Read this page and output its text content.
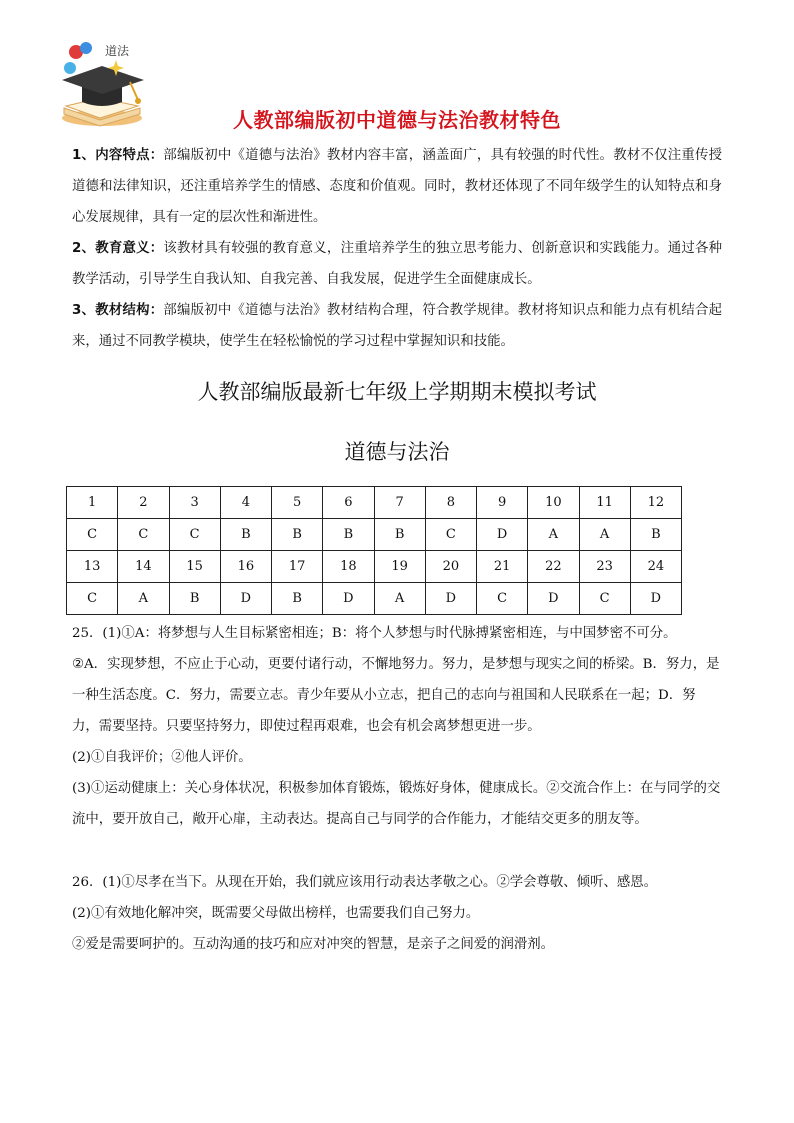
道法
人教部编版初中道德与法治教材特色

1、内容特点：部编版初中《道德与法治》教材内容丰富，涵盖面广，具有较强的时代性。教材不仅注重传授道德和法律知识，还注重培养学生的情感、态度和价值观。同时，教材还体现了不同年级学生的认知特点和身心发展规律，具有一定的层次性和渐进性。

2、教育意义：该教材具有较强的教育意义，注重培养学生的独立思考能力、创新意识和实践能力。通过各种教学活动，引导学生自我认知、自我完善、自我发展，促进学生全面健康成长。

3、教材结构：部编版初中《道德与法治》教材结构合理，符合教学规律。教材将知识点和能力点有机结合起来，通过不同教学模块，使学生在轻松愉悦的学习过程中掌握知识和技能。

人教部编版最新七年级上学期期末模拟考试
道德与法治
1	2	3	4	5	6	7	8	9	10	11	12
C	C	C	B	B	B	B	C	D	A	A	B
13	14	15	16	17	18	19	20	21	22	23	24
C	A	B	D	B	D	A	D	C	D	C	D

25．(1)①A：将梦想与人生目标紧密相连；B：将个人梦想与时代脉搏紧密相连，与中国梦密不可分。

②A．实现梦想，不应止于心动，更要付诸行动，不懈地努力。努力，是梦想与现实之间的桥梁。B．努力，是一种生活态度。C．努力，需要立志。青少年要从小立志，把自己的志向与祖国和人民联系在一起；D．努力，需要坚持。只要坚持努力，即使过程再艰难，也会有机会离梦想更进一步。

(2)①自我评价；②他人评价。

(3)①运动健康上：关心身体状况，积极参加体育锻炼，锻炼好身体，健康成长。②交流合作上：在与同学的交流中，要开放自己，敞开心扉，主动表达。提高自己与同学的合作能力，才能结交更多的朋友等。

26．(1)①尽孝在当下。从现在开始，我们就应该用行动表达孝敬之心。②学会尊敬、倾听、感恩。

(2)①有效地化解冲突，既需要父母做出榜样，也需要我们自己努力。

②爱是需要呵护的。互动沟通的技巧和应对冲突的智慧，是亲子之间爱的润滑剂。
